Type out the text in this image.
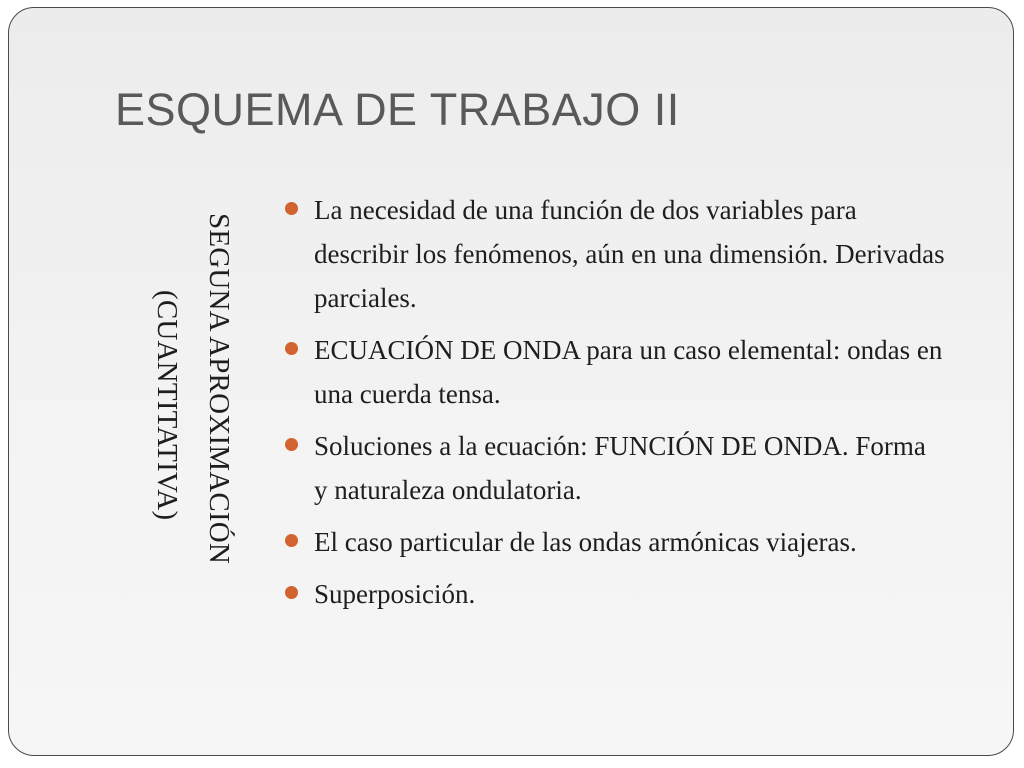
ESQUEMA DE TRABAJO II
SEGUNA APROXIMACIÓN
(CUANTITATIVA)
La necesidad de una función de dos variables para describir los fenómenos, aún en una dimensión. Derivadas parciales.
ECUACIÓN DE ONDA para un caso elemental: ondas en una cuerda tensa.
Soluciones a la ecuación: FUNCIÓN DE ONDA. Forma y naturaleza ondulatoria.
El caso particular de las ondas armónicas viajeras.
Superposición.
